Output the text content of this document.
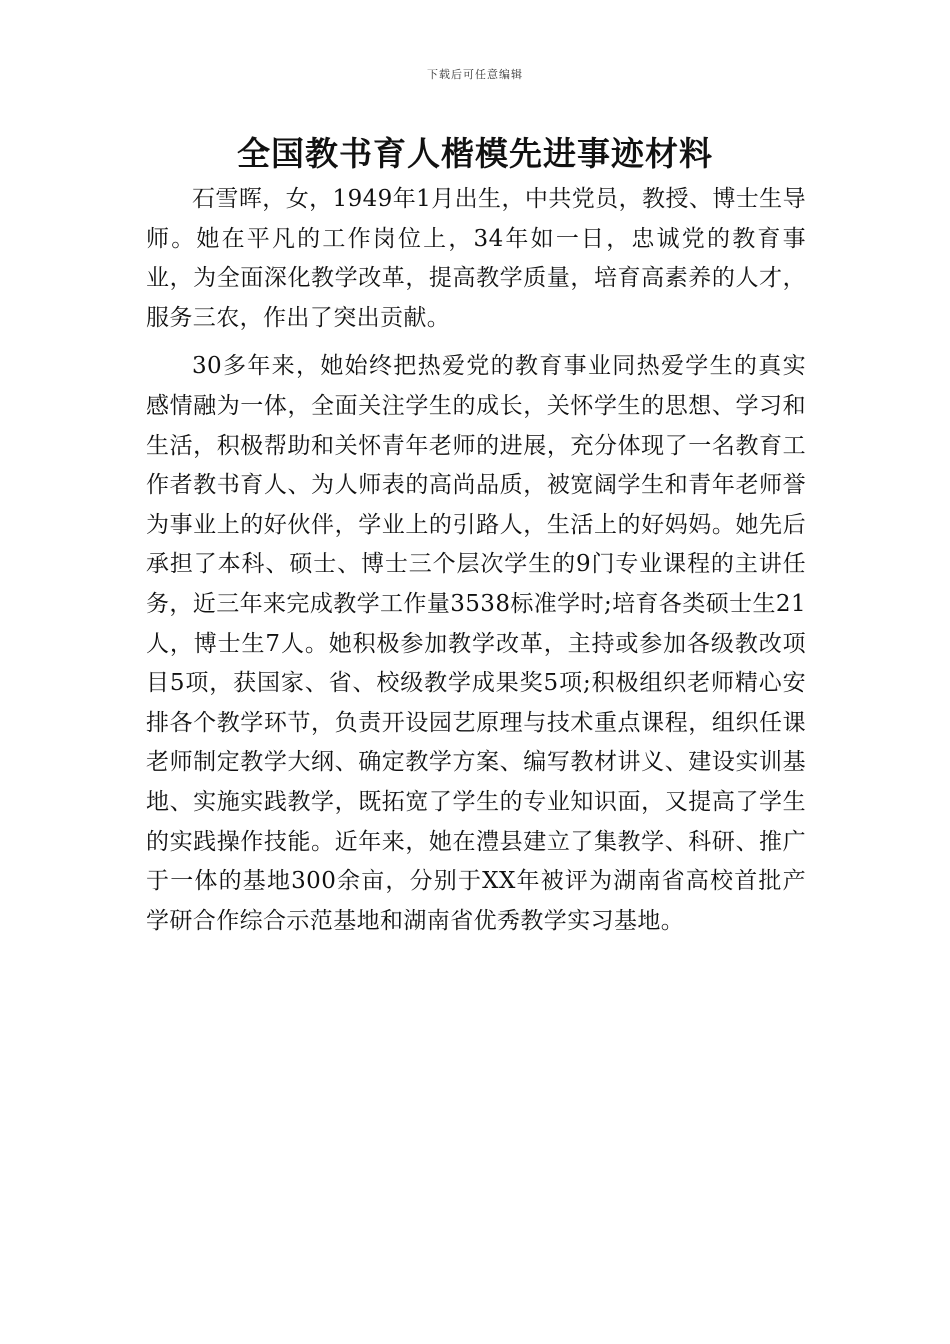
下载后可任意编辑
全国教书育人楷模先进事迹材料

石雪晖，女，1949年1月出生，中共党员，教授、博士生导师。她在平凡的工作岗位上，34年如一日，忠诚党的教育事业，为全面深化教学改革，提高教学质量，培育高素养的人才，服务三农，作出了突出贡献。

30多年来，她始终把热爱党的教育事业同热爱学生的真实感情融为一体，全面关注学生的成长，关怀学生的思想、学习和生活，积极帮助和关怀青年老师的进展，充分体现了一名教育工作者教书育人、为人师表的高尚品质，被宽阔学生和青年老师誉为事业上的好伙伴，学业上的引路人，生活上的好妈妈。她先后承担了本科、硕士、博士三个层次学生的9门专业课程的主讲任务，近三年来完成教学工作量3538标准学时;培育各类硕士生21人，博士生7人。她积极参加教学改革，主持或参加各级教改项目5项，获国家、省、校级教学成果奖5项;积极组织老师精心安排各个教学环节，负责开设园艺原理与技术重点课程，组织任课老师制定教学大纲、确定教学方案、编写教材讲义、建设实训基地、实施实践教学，既拓宽了学生的专业知识面，又提高了学生的实践操作技能。近年来，她在澧县建立了集教学、科研、推广于一体的基地300余亩，分别于XX年被评为湖南省高校首批产学研合作综合示范基地和湖南省优秀教学实习基地。
